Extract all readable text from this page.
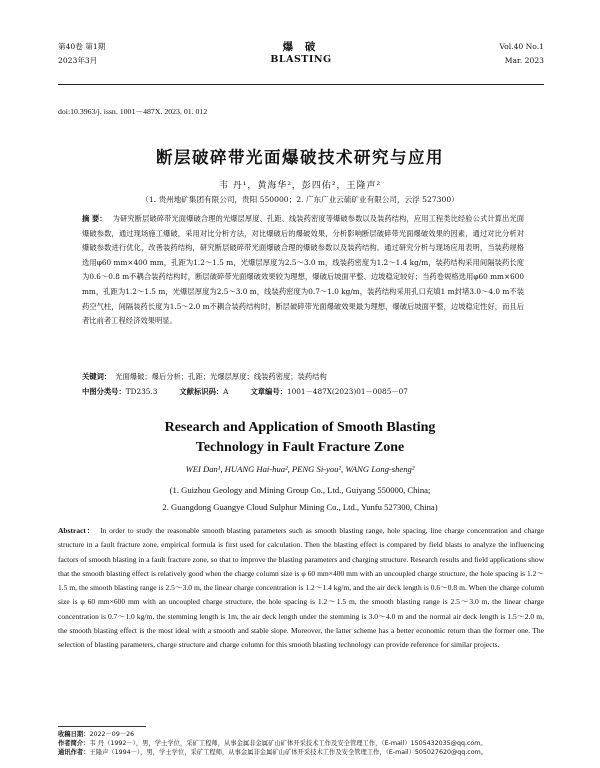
第40卷 第1期
2023年3月
爆 破
BLASTING
Vol.40 No.1
Mar. 2023
doi:10.3963/j. issn. 1001－487X. 2023. 01. 012
断层破碎带光面爆破技术研究与应用
韦 丹¹，黄海华²，彭四佑²，王隆声²
（1. 贵州地矿集团有限公司，贵阳 550000；2. 广东广业云硫矿业有限公司，云浮 527300）
摘 要： 为研究断层破碎带光面爆破合理的光爆层厚度、孔距、线装药密度等爆破参数以及装药结构，应用工程类比经验公式计算出光面爆破参数，通过现场施工爆破，采用对比分析方法，对比爆破后的爆破效果，分析影响断层破碎带光面爆破效果的因素，通过对比分析对爆破参数进行优化，改善装药结构，研究断层破碎带光面爆破合理的爆破参数以及装药结构。通过研究分析与现场应用表明，当装药规格选用φ60 mm×400 mm，孔距为1.2～1.5 m，光爆层厚度为2.5～3.0 m，线装药密度为1.2～1.4 kg/m，装药结构采用间隔装药长度为0.6～0.8 m不耦合装药结构时，断层破碎带光面爆破效果较为理想，爆破后坡面平整、边坡稳定较好；当药卷规格选用φ60 mm×600 mm，孔距为1.2～1.5 m，光爆层厚度为2.5～3.0 m，线装药密度为0.7～1.0 kg/m，装药结构采用孔口充填1 m封堵3.0～4.0 m不装药空气柱，间隔装药长度为1.5～2.0 m不耦合装药结构时，断层破碎带光面爆破效果最为理想，爆破后坡面平整，边坡稳定性好，而且后者比前者工程经济效果明显。
关键词： 光面爆破；爆后分析；孔距；光爆层厚度；线装药密度；装药结构
中图分类号：TD235.3	文献标识码：A	文章编号：1001－487X(2023)01－0085－07
Research and Application of Smooth Blasting
Technology in Fault Fracture Zone
WEI Dan¹, HUANG Hai-hua², PENG Si-you², WANG Long-sheng²
(1. Guizhou Geology and Mining Group Co., Ltd., Guiyang 550000, China;
2. Guangdong Guangye Cloud Sulphur Mining Co., Ltd., Yunfu 527300, China)
Abstract： In order to study the reasonable smooth blasting parameters such as smooth blasting range, hole spacing, line charge concentration and charge structure in a fault fracture zone, empirical formula is first used for calculation. Then the blasting effect is compared by field blasts to analyze the influencing factors of smooth blasting in a fault fracture zone, so that to improve the blasting parameters and charging structure. Research results and field applications show that the smooth blasting effect is relatively good when the charge column size is φ 60 mm×400 mm with an uncoupled charge structure, the hole spacing is 1.2～1.5 m, the smooth blasting range is 2.5～3.0 m, the linear charge concentration is 1.2～1.4 kg/m, and the air deck length is 0.6～0.8 m. When the charge column size is φ 60 mm×600 mm with an uncoupled charge structure, the hole spacing is 1.2～1.5 m, the smooth blasting range is 2.5～3.0 m, the linear charge concentration is 0.7～1.0 kg/m, the stemming length is 1m, the air deck length under the stemming is 3.0～4.0 m and the normal air deck length is 1.5～2.0 m, the smooth blasting effect is the most ideal with a smooth and stable slope. Moreover, the latter scheme has a better economic return than the former one. The selection of blasting parameters, charge structure and charge column for this smooth blasting technology can provide reference for similar projects.
收稿日期：2022－09－26
作者简介：韦 丹（1992－），男，学士学位，采矿工程师，从事金属非金属矿山矿体开采技术工作及安全管理工作，（E-mail）1505432035@qq.com。
通讯作者：王隆声（1994－），男，学士学位，采矿工程师，从事金属非金属矿山矿体开采技术工作及安全管理工作，（E-mail）505027620@qq.com。
